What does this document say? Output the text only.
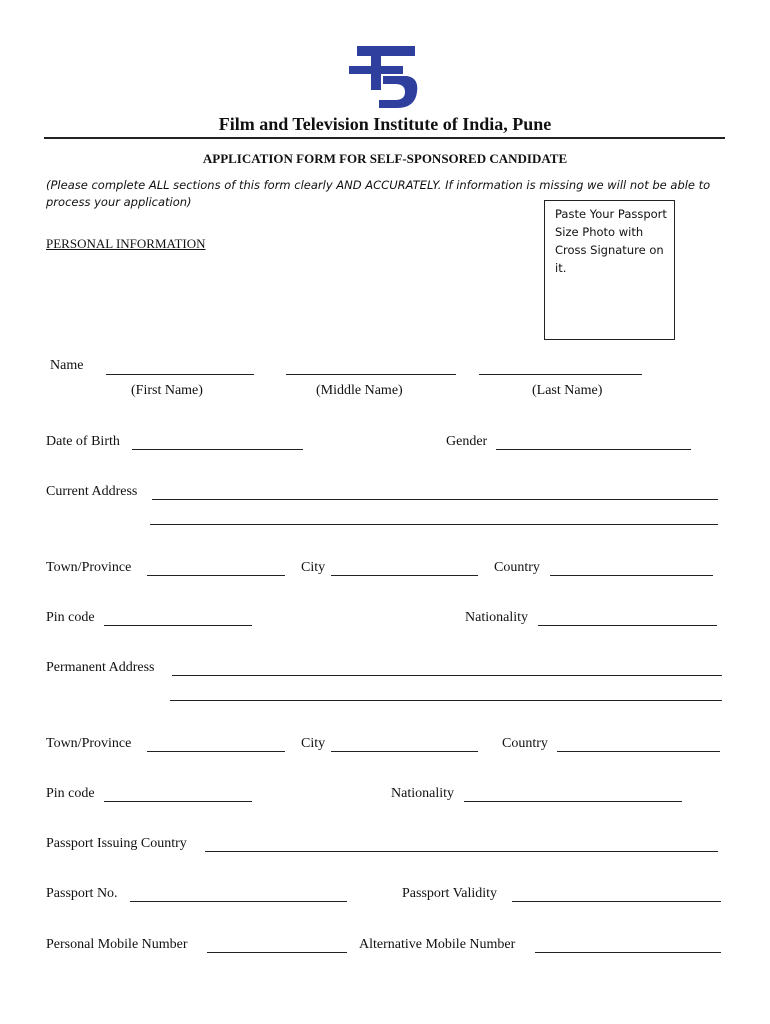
Film and Television Institute of India, Pune
APPLICATION FORM FOR SELF-SPONSORED CANDIDATE
(Please complete ALL sections of this form clearly AND ACCURATELY. If information is missing we will not be able to process your application)
Paste Your Passport Size Photo with Cross Signature on it.
PERSONAL INFORMATION
Name
(First Name)	(Middle Name)	(Last Name)
Date of Birth	Gender
Current Address
Town/Province	City	Country
Pin code	Nationality
Permanent Address
Town/Province	City	Country
Pin code	Nationality
Passport Issuing Country
Passport No.	Passport Validity
Personal Mobile Number	Alternative Mobile Number
